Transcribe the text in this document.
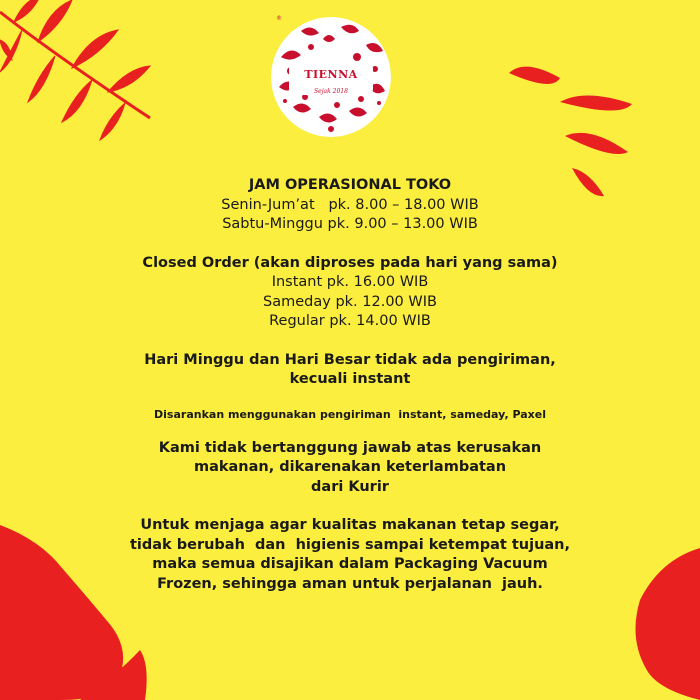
®
TIENNA
Sejak 2018
JAM OPERASIONAL TOKO
Senin-Jum’at   pk. 8.00 – 18.00 WIB
Sabtu-Minggu pk. 9.00 – 13.00 WIB
Closed Order (akan diproses pada hari yang sama)
Instant pk. 16.00 WIB
Sameday pk. 12.00 WIB
Regular pk. 14.00 WIB
Hari Minggu dan Hari Besar tidak ada pengiriman,
kecuali instant
Disarankan menggunakan pengiriman  instant, sameday, Paxel
Kami tidak bertanggung jawab atas kerusakan
makanan, dikarenakan keterlambatan
dari Kurir
Untuk menjaga agar kualitas makanan tetap segar,
tidak berubah  dan  higienis sampai ketempat tujuan,
maka semua disajikan dalam Packaging Vacuum
Frozen, sehingga aman untuk perjalanan  jauh.
